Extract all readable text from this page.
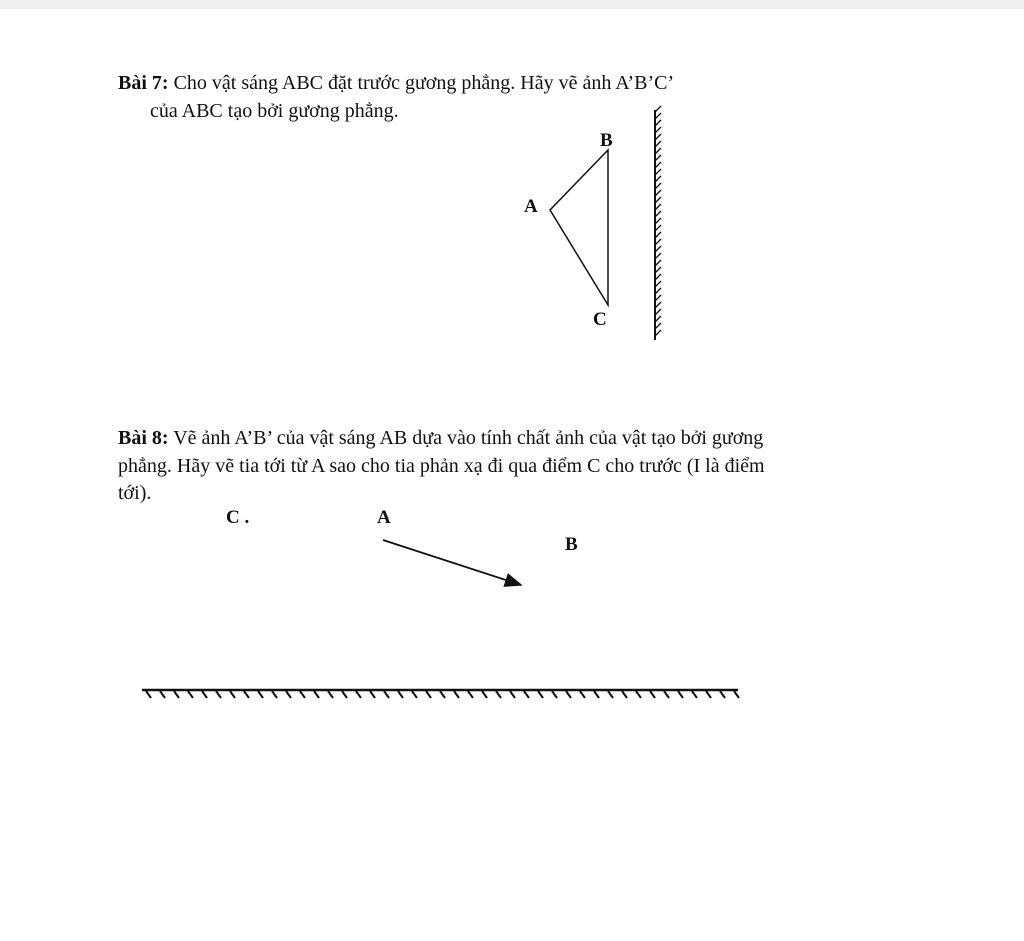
Bài 7: Cho vật sáng ABC đặt trước gương phẳng. Hãy vẽ ảnh A’B’C’
của ABC tạo bởi gương phẳng.
B
A
C
Bài 8: Vẽ ảnh A’B’ của vật sáng AB dựa vào tính chất ảnh của vật tạo bởi gương
phẳng. Hãy vẽ tia tới từ A sao cho tia phản xạ đi qua điểm C cho trước (I là điểm
tới).
C .	A
B
